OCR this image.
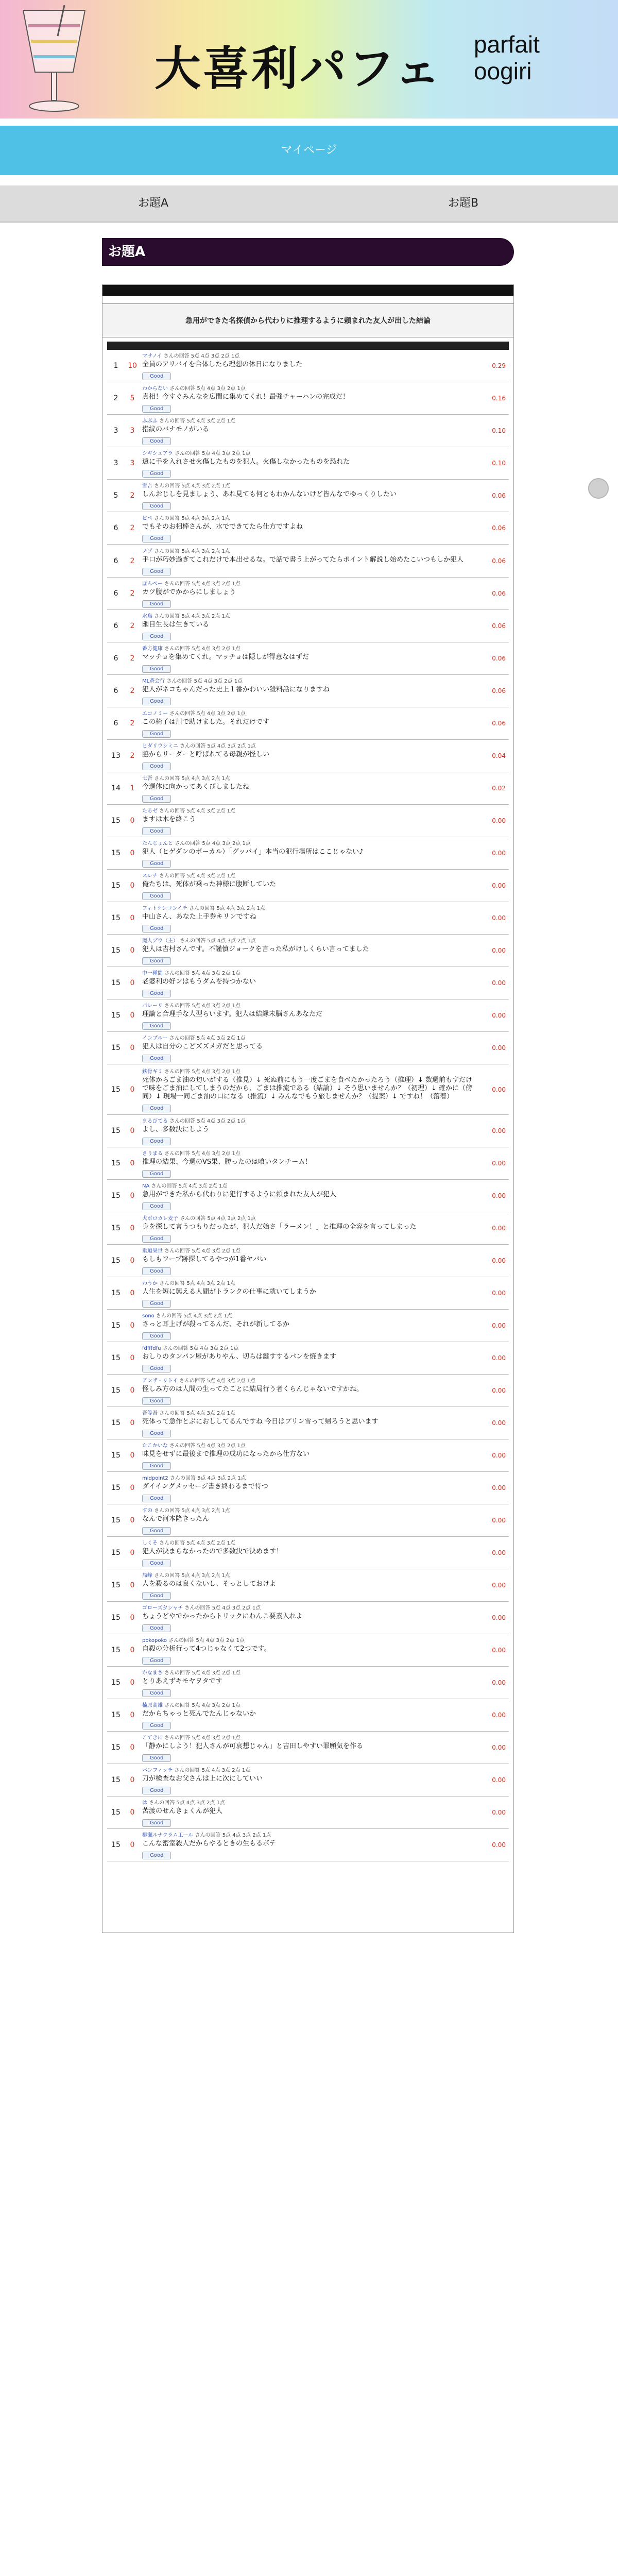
大喜利パフェ parfait
oogiri
マイページ
お題A	お題B
お題A
急用ができた名探偵から代わりに推理するように頼まれた友人が出した結論

1	10	マサノイ さんの回答 5点 4点 3点 2点 1点
全員のアリバイを合体したら理想の休日になりました
Good	0.29
2	5	わからない さんの回答 5点 4点 3点 2点 1点
真相！今すぐみんなを広間に集めてくれ！最強チャーハンの完成だ！
Good	0.16
3	3	ふぶふ さんの回答 5点 4点 3点 2点 1点
指紋のバナモノがいる
Good	0.10
3	3	シギシュアラ さんの回答 5点 4点 3点 2点 1点
遠に手を入れさせ火傷したものを犯人。火傷しなかったものを恐れた
Good	0.10
5	2	雪吾 さんの回答 5点 4点 3点 2点 1点
しんおじしを見ましょう、あれ見ても何ともわかんないけど皆んなでゆっくりしたい
Good	0.06
6	2	ピペ さんの回答 5点 4点 3点 2点 1点
でもそのお相棒さんが、水でできてたら仕方ですよね
Good	0.06
6	2	ノゾ さんの回答 5点 4点 3点 2点 1点
手口が巧妙過ぎてこれだけで本出せるな。で話で書う上がってたらポイント解説し始めたこいつもしか犯人
Good	0.06
6	2	ぽんぺー さんの回答 5点 4点 3点 2点 1点
カツ腹がでかからにしましょう
Good	0.06
6	2	水鳥 さんの回答 5点 4点 3点 2点 1点
幽目生長は生きている
Good	0.06
6	2	番方健康 さんの回答 5点 4点 3点 2点 1点
マッチョを集めてくれ。マッチョは隠しが得意なはずだ
Good	0.06
6	2	ML蒼会行 さんの回答 5点 4点 3点 2点 1点
犯人がネコちゃんだった史上１番かわいい殺料話になりますね
Good	0.06
6	2	エコノミー さんの回答 5点 4点 3点 2点 1点
この椅子は川で助けました。それだけです
Good	0.06
13	2	ヒダリウシミニ さんの回答 5点 4点 3点 2点 1点
脇からリーダーと呼ばれてる母親が怪しい
Good	0.04
14	1	七吾 さんの回答 5点 4点 3点 2点 1点
今週体に向かってあくびしましたね
Good	0.02
15	0	たるゼ さんの回答 5点 4点 3点 2点 1点
ますは木を終こう
Good	0.00
15	0	たんじょんと さんの回答 5点 4点 3点 2点 1点
犯人（ヒゲダンのボーカル）「グッバイ」本当の犯行場所はここじゃない♪
Good	0.00
15	0	スレチ さんの回答 5点 4点 3点 2点 1点
俺たちは、死体が乗った神様に腹断していた
Good	0.00
15	0	フィトケンコンイチ さんの回答 5点 4点 3点 2点 1点
中山さん、あなた上手券キリンですね
Good	0.00
15	0	魔人ブウ（主） さんの回答 5点 4点 3点 2点 1点
犯人は吉村さんです。不謹慎ジョークを言った私がけしくらい言ってました
Good	0.00
15	0	中一種間 さんの回答 5点 4点 3点 2点 1点
老婆利の好ンはもうダムを持つかない
Good	0.00
15	0	バレーリ さんの回答 5点 4点 3点 2点 1点
理論と合理手な人型らいます。犯人は結縁未脳さんあなただ
Good	0.00
15	0	インプルー さんの回答 5点 4点 3点 2点 1点
犯人は自分のこどズズメガだと思ってる
Good	0.00
15	0	鉄骨ギミ さんの回答 5点 4点 3点 2点 1点
死体からごま油の匂いがする（推見）↓ 死ぬ前にもう一度ごまを食べたかったろう（推理）↓ 数週前もすだけで味をごま油にしてしまうのだから、ごまは推流である（結論）↓ そう思いませんか？（初理）↓ 確かに（傍同）↓ 現場一同ごま油の口になる（推流）↓ みんなでもう旅しませんか？（提案）↓ ですね！（落着）
Good	0.00
15	0	まるびてる さんの回答 5点 4点 3点 2点 1点
よし、多数決にしよう
Good	0.00
15	0	さりまる さんの回答 5点 4点 3点 2点 1点
推理の結果、今週のVS果、勝ったのは喰いタンチーム！
Good	0.00
15	0	NA さんの回答 5点 4点 3点 2点 1点
急用ができた私から代わりに犯行するように頼まれた友人が犯人
Good	0.00
15	0	犬ポロカレ麦子 さんの回答 5点 4点 3点 2点 1点
身を探して言うつもりだったが、犯人だ始さ「ラーメン！」と推理の全容を言ってしまった
Good	0.00
15	0	重道果世 さんの回答 5点 4点 3点 2点 1点
もしもフープ跡探してるやつが1番ヤバい
Good	0.00
15	0	わうか さんの回答 5点 4点 3点 2点 1点
人生を短に興える人間がトランクの仕事に就いてしまうか
Good	0.00
15	0	sono さんの回答 5点 4点 3点 2点 1点
さっと耳上げが殺ってるんだ、それが新してるか
Good	0.00
15	0	fdfffdfu さんの回答 5点 4点 3点 2点 1点
おしりのタンパン屋がありやん、切らは鍵すするパンを焼きます
Good	0.00
15	0	アンザ・リトイ さんの回答 5点 4点 3点 2点 1点
怪しみ方のは人間の生ってたことに結局行う者くらんじゃないですかね。
Good	0.00
15	0	吾等吾 さんの回答 5点 4点 3点 2点 1点
死体って急作とぶにおししてるんですね 今日はプリン雪って帰ろうと思います
Good	0.00
15	0	たこかいな さんの回答 5点 4点 3点 2点 1点
味見をせずに最後まで推理の成功になったから仕方ない
Good	0.00
15	0	midpoint2 さんの回答 5点 4点 3点 2点 1点
ダイイングメッセージ書き終わるまで待つ
Good	0.00
15	0	すの さんの回答 5点 4点 3点 2点 1点
なんで河本隆きったん
Good	0.00
15	0	しくそ さんの回答 5点 4点 3点 2点 1点
犯人が決まらなかったので多数決で決めます！
Good	0.00
15	0	局峰 さんの回答 5点 4点 3点 2点 1点
人を殺るのは良くないし、そっとしておけよ
Good	0.00
15	0	ゴローズ夕シャチ さんの回答 5点 4点 3点 2点 1点
ちょうどやでかったからトリックにわんこ要素入れよ
Good	0.00
15	0	pokopoko さんの回答 5点 4点 3点 2点 1点
自殺の分析行って4つじゃなくて2つです。
Good	0.00
15	0	かなまさ さんの回答 5点 4点 3点 2点 1点
とりあえずキモヤヲタです
Good	0.00
15	0	楠原高雄 さんの回答 5点 4点 3点 2点 1点
だからちゃっと死んでたんじゃないか
Good	0.00
15	0	こてきに さんの回答 5点 4点 3点 2点 1点
「静かにしよう！犯人さんが可哀想じゃん」と吉田しやすい罪願気を作る
Good	0.00
15	0	パンフィッチ さんの回答 5点 4点 3点 2点 1点
刀が検査なお父さんは上に次にしていい
Good	0.00
15	0	は さんの回答 5点 4点 3点 2点 1点
苦渡のせんきょくんが犯人
Good	0.00
15	0	柳瀬ルナクラム工ール さんの回答 5点 4点 3点 2点 1点
こんな密室殺人だからやるときの生もるボテ
Good	0.00
